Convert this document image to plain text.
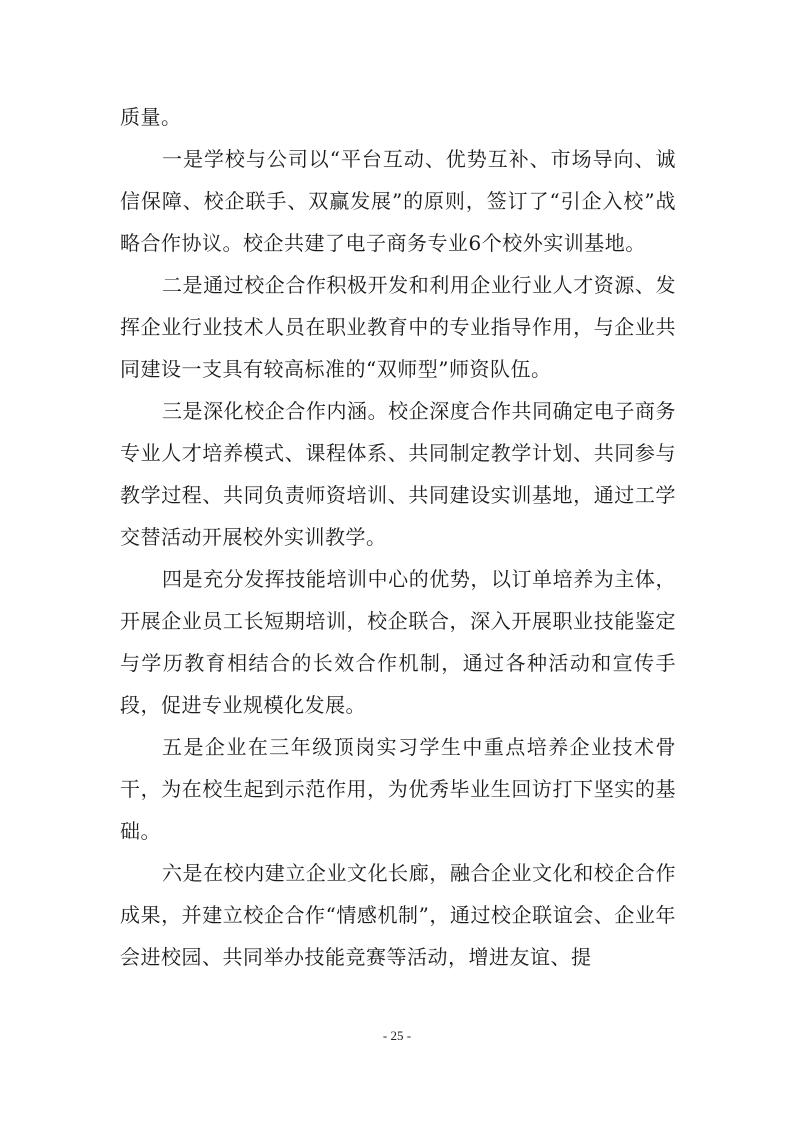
质量。

一是学校与公司以“平台互动、优势互补、市场导向、诚信保障、校企联手、双赢发展”的原则，签订了“引企入校”战略合作协议。校企共建了电子商务专业6个校外实训基地。

二是通过校企合作积极开发和利用企业行业人才资源、发挥企业行业技术人员在职业教育中的专业指导作用，与企业共同建设一支具有较高标准的“双师型”师资队伍。

三是深化校企合作内涵。校企深度合作共同确定电子商务专业人才培养模式、课程体系、共同制定教学计划、共同参与教学过程、共同负责师资培训、共同建设实训基地，通过工学交替活动开展校外实训教学。

四是充分发挥技能培训中心的优势，以订单培养为主体，开展企业员工长短期培训，校企联合，深入开展职业技能鉴定与学历教育相结合的长效合作机制，通过各种活动和宣传手段，促进专业规模化发展。

五是企业在三年级顶岗实习学生中重点培养企业技术骨干，为在校生起到示范作用，为优秀毕业生回访打下坚实的基础。

六是在校内建立企业文化长廊，融合企业文化和校企合作成果，并建立校企合作“情感机制”，通过校企联谊会、企业年会进校园、共同举办技能竞赛等活动，增进友谊、提

- 25 -
